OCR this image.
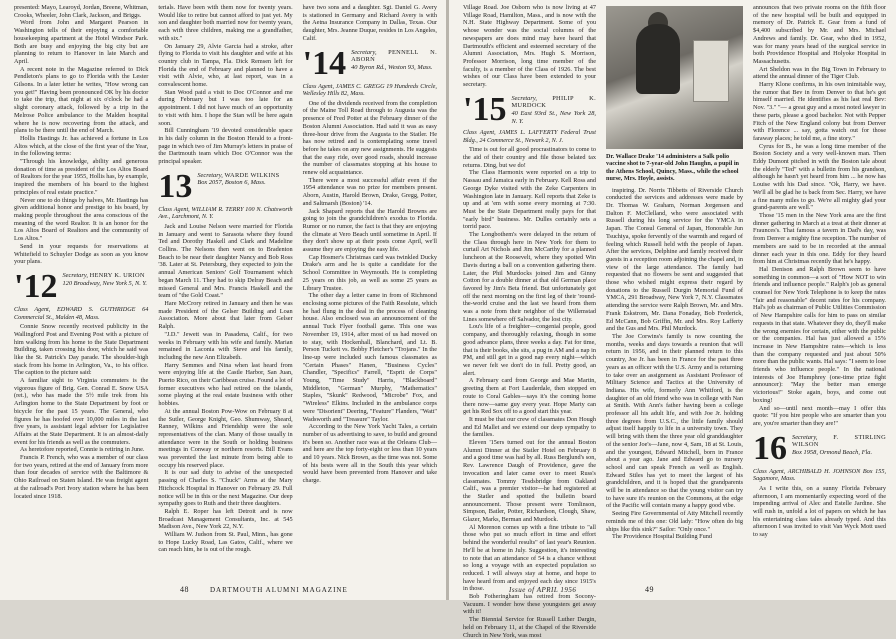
presented: Mayo, Learoyd, Jordan, Breene, Whitman, Crooks, Wheeler, John Clark, Jackson, and Briggs.

Word from John and Margaret Pearson in Washington tells of their enjoying a comfortable housekeeping apartment at the Hotel Windsor Park. Both are busy and enjoying the big city but are planning to return to Hanover in late March and April.

A recent note in the Magazine referred to Dick Pendleton's plans to go to Florida with the Lester Gilsons. In a later letter he writes, "How wrong can you get!" Having been pronounced OK by his doctor to take the trip, that night at six o'clock he had a slight coronary attack, followed by a trip in the Melrose Police ambulance to the Malden hospital where he is now recovering from the attack, and plans to be there until the end of March.

Hollis Hastings Jr. has achieved a fortune in Los Altos which, at the close of the first year of the Year, in the following terms:

"Through his knowledge, ability and generous donation of time as president of the Los Altos Board of Realtors for the year 1955, Hollis has, by example, inspired the members of his board to the highest principles of real estate practice."

Never one to do things by halves, Mr. Hastings has given additional honor and prestige to his board, by making people throughout the area conscious of the meaning of the word Realtor. It is an honor for the Los Altos Board of Realtors and the community of Los Altos."

Send in your requests for reservations at Whitefield to Schuyler Dodge as soon as you know your plans.

'12 Secretary, HENRY K. URION
120 Broadway, New York 5, N. Y.
Class Agent, EDWARD S. GUTHRIDGE 64 Commercial St., Malden 48, Mass.

Connie Snow recently received publicity in the Wallingford Post and Evening Post with a picture of him walking from his home to the State Department Building, taken crossing his door, which he said was like the St. Patrick's Day parade. The shoulder-high stack from his home in Arlington, Va., to his office. The caption to the picture said:

A familiar sight to Virginia commuters is the vigorous figure of Brig. Gen. Conrad E. Snow USA (ret.), who has made the 5½ mile trek from his Arlington home to the State Department by foot or bicycle for the past 15 years. The General, who figures he has hoofed over 10,000 miles in the last five years, is assistant legal adviser for Legislative Affairs at the State Department. It is an almost-daily event for his friends as well as the commuters.

As heretofore reported, Connie is retiring in June.

Francis P. French, who was a member of our class for two years, retired at the end of January from more than four decades of service with the Baltimore & Ohio Railroad on Staten Island. He was freight agent at the railroad's Port Ivory station where he has been located since 1918.

terials. Have been with them now for twenty years. Would like to retire but cannot afford to just yet. My son and daughter both married now for twenty years, each with three children, making me a grandfather, with six."

On January 29, Alvie Garcia had a stroke, after flying to Florida to visit his daughter and wife at his country club in Tampa, Fla. Dick Remsen left for Florida the end of February and planned to have a visit with Alvie, who, at last report, was in a convalescent home.

Stan Wood paid a visit to Doc O'Connor and me during February but I was too late for an appointment. I did not have much of an opportunity to visit with him. I hope the Stan will be here again soon.

Bill Cunningham '19 devoted considerable space in his daily column in the Boston Herald to a front-page in which two of Jim Murray's letters in praise of the Dartmouth team which Doc O'Connor was the principal speaker.

13 Secretary, WARDE WILKINS
Box 2057, Boston 6, Mass.
Class Agent, WILLIAM R. TERRY 100 N. Chatsworth Ave., Larchmont, N. Y.

Jack and Louise Nelson were married for Florida in January and went to Sarasota where they found Ted and Dorothy Haskell and Clark and Madeline Collins. The Nelsons then went on to Bradenton Beach to be near their daughter Nancy and Bob Ross '38. Later at St. Petersburg, they expected to join the annual American Seniors' Golf Tournament which began March 11. They had to skip Delray Beach and missed General and Mrs. Francis Haskell and the team of "the Gold Coast."

Hare McCrory retired in January and then he was made President of the Gelser Building and Loan Association. More about that later from Gelser Ralph.

"J.D." Jewett was in Pasadena, Calif., for two weeks in February with his wife and family. Marian remained in Laconia with Steve and his family, including the new Ann Elizabeth.

Harry Semmes and Nina when last heard from were enjoying life at the Castle Harbor, San Juan, Puerto Rico, on their Caribbean cruise. Found a lot of former executives who had retired on the islands, some playing at the real estate business with other hobbies.

At the annual Boston Pow-Wow on February 8 at the Sutler, George Knight, Geo. Shumway, Sheard, Ranney, Wilkins and Friendship were the sole representatives of the clan. Many of those usually in attendance were in the South or holding business meetings in Conway or northern resorts. Bill Evans was prevented the last minute from being able to occupy his reserved place.

It is our sad duty to advise of the unexpected passing of Charles S. "Chuck" Arms at the Mary Hitchcock Hospital in Hanover on February 29. Full notice will be in this or the next Magazine. Our deep sympathy goes to Ruth and their three daughters.

Ralph E. Roper has left Detroit and is now Broadcast Management Consultants, Inc. at 545 Madison Ave., New York 22, N.Y.

William W. Judson from St. Paul, Minn., has gone to Hope Lucky Road, Las Gatos, Calif., where we can reach him, he is out of the rough.

have two sons and a daughter. Sgt. Daniel G. Avery is stationed in Germany and Richard Avery is with the Aetna Insurance Company in Dallas, Texas. Our daughter, Mrs. Jeanne Duque, resides in Los Angeles, Calif.

'14 Secretary, PENNELL N. ABORN
40 Byron Rd., Weston 93, Mass.
Class Agent, JAMES C. GREGG 19 Hundreds Circle, Wellesley Hills 82, Mass.

One of the dividends received from the completion of the Maine Toll Road through to Augusta was the presence of Fred Potter at the February dinner of the Boston Alumni Association. Had said it was as easy three-hour drive from the Augusta to the Statler. He has now retired and is contemplating some travel before he takes on any new assignments. He suggests that the easy ride, over good roads, should increase the number of classmates stopping at his house to renew old acquaintance.

There were a most successful affair even if the 1954 attendance was no prize for members present. Aborn, Austin, Harold Brown, Drake, Gregg, Potter, and Saltmarsh (Boston) '14.

Jack Shapard reports that the Harold Browns are going to join the grandchildren's exodus to Florida. Rumor or no rumor, the fact is that they are enjoying the climate at Vero Beach until sometime in April. If they don't show up at their posts come April, we'll assume they are enjoying the easy life.

Cap Hosmer's Christmas card was twinkled Ducky Drake's arm and he is quite a candidate for the School Committee in Weymouth. He is completing 25 years on this job, as well as some 25 years as Library Trustee.

The other day a letter came in from of Richmond enclosing some pictures of the Faith Resolute, which he had flung in the deal in the process of cleaning house. Also enclosed was an announcement of the annual Tuck Flyer football game. This one was November 19, 1914, after most of us had moved on to stay, with Hockenhall, Blanchard, and Lt. B. Person Tuckett vs. Bobby Fletcher's "Trojans." In the line-up were included such famous classmates as "Certain Phases" Hanen, "Business Cycles" Chandler, "Specifics" Farrell, "Esprit de Corps" Young, "Time Study" Harris, "Blackboard" Middleton, "German" Murphy, "Mathematics" Staples, "Skunk" Redwood, "Microbe" Fox, and "Wireless" Elkins. Included in the ambulance corps were "Disorient" Deering, "Feature" Flanders, "Watt" Wadsworth and "Treasure" Taylor.

According to the New York Yacht Tales, a certain number of us advertising to save, to build and ground it's been so. Another race was at the Orleans Club—and here are the top forty-eight or less than 10 years and 10 years. Nick Brown, as the time was not. Some of his bests were all in the South this year which would have been prevented from Hanover and take charge.

48	DARTMOUTH ALUMNI MAGAZINE

Village Road. Joe Osborn who is now living at 47 Village Road, Hamilton, Mass., and is now with the N.H. State Highway Department. Some of you whose wonder was the social columns of the newspapers are does mind may have heard that Dartmouth's efficient and esteemed secretary of the Alumni Association, Mrs. Hugh S. Morrison, Professor Morrison, long time member of the faculty, is a member of the Class of 1926. The best wishes of our Class have been extended to your secretary.

'15 Secretary, PHILIP K. MURDOCK
40 East 93rd St., New York 28, N. Y.
Class Agent, JAMES L. LAFFERTY Federal Trust Bldg., 24 Commerce St., Newark 2, N. J.

Time is out for all good procrastinators to come to the aid of their country and file those belated tax returns. Ding, but we do!

The Class Harmonix were reported on a trip to Nassau and Jamaica early in February. Kell Ross and George Dyke visited with the Zeke Carpenters in Washington late in January. Kell reports that Zeke is up and at 'em with some every morning at 7:30. Must be the State Department really pays for that "early bird" business. Mr. Dulles certainly sets a torrid pace.

The Longbothem's were delayed in the return of the Class through here in New York for them to curtail Art Nichols and Jim McCarthy for a planned luncheon at the Roosevelt, where they spotted Win Davis during a ball on a convention gathering there. Later, the Phil Murdocks joined Jim and Ginny Cotton for a double dinner at that old German place favored by Jim's Beta friend. But unfortunately got off the next morning on the first leg of their 'round-the-world cruise and the last we heard from them was a note from their neighbor of the Willemstad Lines somewhere off Salvador, the lost city.

Lou's life of a freighter—congenial people, good company, and thoroughly relaxing, though in some good advance plans, three weeks a day. Fat for time, that is their books, she sits, a pug in AM and a nap in PM, and still get in a good nap every night—which we never felt we don't do in full. Pretty good, an alert.

A February card from George and Mae Martin, greeting them at Fort Lauderdale, then stopped en route to Coral Gables—says it's the coming home there now—same guy every year. Hope Marty can get his Red Sox off to a good start this year.

It must be that our crew of classmates Don Hough and Ed Mallet and we extend our deep sympathy to the families.

Eleven '15ers turned out for the annual Boston Alumni Dinner at the Statler Hotel on February 8 and a good time was had by all. Russ Berglund's son, Rev. Lawrence Daugh of Providence, gave the invocation and later came over to meet Russ's classmates. Tommy Tesdsbridge from Oakland Calif., was a premier visitor—he had registered at the Statler and spotted the bulletin board announcement. Those present were Tomlinson, Simpson, Batler, Potter, Richardson, Clough, Shaw, Glazer, Marks, Berman and Murdock.

Al Morenon comes up with a fine tribute to "all those who put so much effort in time and effort behind the wonderful results" of last year's Reunion. He'll be at home in July. Suggestion, it's interesting to note that an attendance of 54 is a chance without so long a voyage with an expected population so reduced. I will always stay at home, and hope to have heard from and enjoyed each day since 1915's in those.

Bob Fotheringham has retired from Socony-Vacuum. I wonder how these youngsters get away with it!

The Biennial Service for Russell Luther Dargin, held on February 11, at the Chapel of the Riverside Church in New York, was most

Dr. Wallace Drake '14 administers a Salk polio vaccine shot to 7-year-old John Haughn, a pupil in the Athens School, Quincy, Mass., while the school nurse, Mrs. Hoyle, assists.

inspiring. Dr. Norris Tibbetts of Riverside Church conducted the services and addresses were made by Dr. Thomas W. Graham, Norman Jorgensen and Dalton F. McClelland, who were associated with Russell during his long service for the YMCA in Japan. The Consul General of Japan, Honorable Jun Tsuchiya, spoke fervently of the warmth and regard of feeling which Russell held with the people of Japan. After the services, Delphine and family received their guests in a reception room adjoining the chapel and, in view of the large attendance. The family had requested that no flowers be sent and suggested that those who wished might express their regard by donations to the Russell Durgin Memorial Fund of YMCA, 291 Broadway, New York 7, N.Y. Classmates attending the service were Ralph Brown, Mr. and Mrs. Frank Eskstrom, Mr. Dana Fonaday, Bob Frederick, Ed McCann, Bob Griffin, Mr. and Mrs. Roy Lafferty and the Gus and Mrs. Phil Murdock.

The Joe Corwins's family is now counting the months, weeks and days towards a reunion that will return in 1956, and in their planned return to this country, Joe Jr. has been in France for the past three years as an officer with the U.S. Army and is returning to take over an assignment as Assistant Professor of Military Science and Tactics at the University of Indiana. His wife, formerly Ann Whitford, is the daughter of an old friend who was in college with Nan at Smith. With Ann's father having been a college professor all his adult life, and with Joe Jr. holding three degrees from U.S.C., the little family should adjust itself happily to life in a university town. They will bring with them the three year old granddaughter of the senior Joe's—Jane, now 4, Sam, 18 at St. Louis, and the youngest, Edward Mitchell, born in France about a year ago. Jane and Edward go to nursery school and can speak French as well as English. Edward Stiles has yet to meet the largest of his grandchildren, and it is hoped that the grandparents will be in attendance so that the young visitor can try to have sure it's reunion on the Commons, at the edge of the Pacific will contain many a happy good vibe.

Seeing Fire Governmental of Atty Mitchell recently reminds me of this one: Old lady: "How often do big ships like this sink?" Sailor: "Only once."

The Providence Hospital Building Fund

announces that two private rooms on the fifth floor of the new hospital will be built and equipped in memory of Dr. Patrick E. Gear from a fund of $4,400 subscribed by Mr. and Mrs. Michael Andrews and family. Dr. Gear, who died in 1952, was for many years head of the surgical service in both Providence Hospital and Holyoke Hospital in Massachusetts.

Art Sheldon was in the Big Town in February to attend the annual dinner of the Tiger Club.

Harry Klone confirms, in his own inimitable way, the rumor that Bev in from Denver to that he's got himself married. He identifies as his last real Bev: Nov. "3." "— a great guy and a most noted lawyer in these parts, please a good bachelor. Not with Pepper Fitch of the New England colony but from Denver with Florence ... say, gotta watch out for those faraway places; he told me, a fine story."

Cyrus for B., he was a long time member of the Boston Society and a very well-known man. Then Eddy Dumont pitched in with the Boston tale about the elderly "Ted" with a bulletin from his grandson, although he hasn't yet heard from him ... he now has Louise with his Dad since. "Ok, Harry, we have. We'll all be glad he is back from Sec. Harry, we have a fine many miles to go. We're all mighty glad your grand-parents are well."

Those '15 men in the New York area are the first dinner gathering in March at a treat at their dinner at Fraunces's. That famous a tavern in Dad's day, was from Denver a mighty fine reception. The number of members are said to be in recorded at the annual dinner each year in this one. Eddy for they heard from him at Christmas recently that he's happy.

Hal Denison and Ralph Brown seem to have something in common—a sort of "How NOT to win friends and influence people." Ralph's job as general counsel for New York Telephone is to keep the rates "fair and reasonable" decent rates for his company. Hal's job as chairman of Public Utilities Commission of New Hampshire calls for him to pass on similar requests in that state. Whatever they do, they'll make the wrong enemies for certain, either with the public or the companies. Hal has just allowed a 15% increase in New Hampshire rates—which is less than the company requested and just about 50% more than the public wants. Hal says: "I seem to lose friends who influence people." In the national interests of Joe Humphrey (one-time prize fight announcer): "May the better man emerge victorious!" Stoke again, boys, and come out boxing!

And so—until next month—may I offer this quote: "If you hire people who are smarter than you are, you're smarter than they are!"

16 Secretary, F. STIRLING WILSON
Box 1958, Ormond Beach, Fla.
Class Agent, ARCHIBALD H. JOHNSON Box 155, Sagamore, Mass.

As I write this, on a sunny Florida February afternoon, I am momentarily expecting word of the impending arrival of Alec and Estelle Jardine. She will rush in, unfold a lot of papers on which he has his entertaining class tales already typed. And this afternoon I was invited to visit Van Wyck Mott used to say

Issue of APRIL 1956	49
